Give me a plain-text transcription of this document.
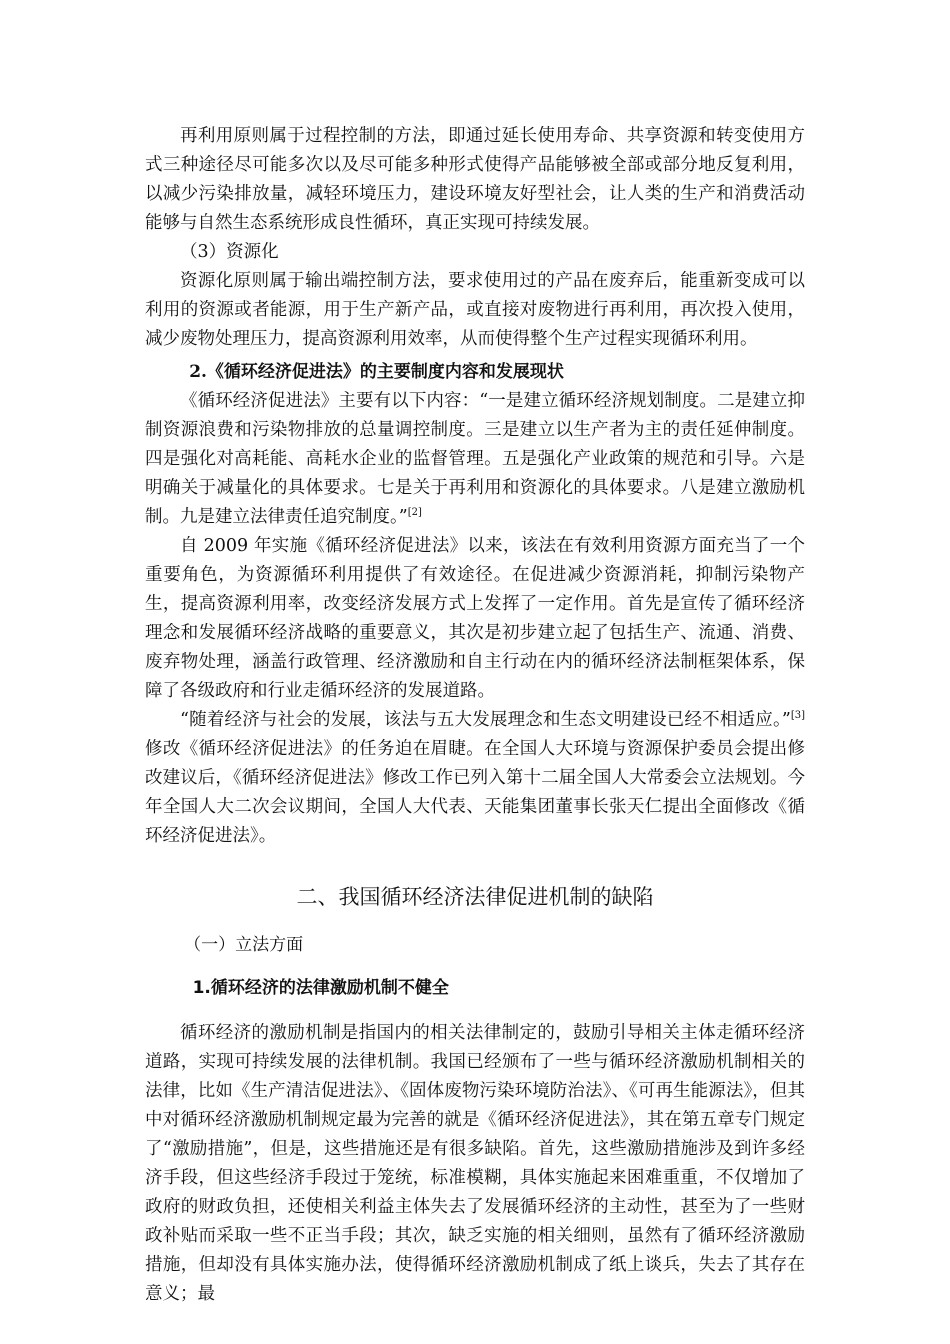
再利用原则属于过程控制的方法，即通过延长使用寿命、共享资源和转变使用方式三种途径尽可能多次以及尽可能多种形式使得产品能够被全部或部分地反复利用，以减少污染排放量，减轻环境压力，建设环境友好型社会，让人类的生产和消费活动能够与自然生态系统形成良性循环，真正实现可持续发展。

（3）资源化

资源化原则属于输出端控制方法，要求使用过的产品在废弃后，能重新变成可以利用的资源或者能源，用于生产新产品，或直接对废物进行再利用，再次投入使用，减少废物处理压力，提高资源利用效率，从而使得整个生产过程实现循环利用。

2.《循环经济促进法》的主要制度内容和发展现状

《循环经济促进法》主要有以下内容：“一是建立循环经济规划制度。二是建立抑制资源浪费和污染物排放的总量调控制度。三是建立以生产者为主的责任延伸制度。四是强化对高耗能、高耗水企业的监督管理。五是强化产业政策的规范和引导。六是明确关于减量化的具体要求。七是关于再利用和资源化的具体要求。八是建立激励机制。九是建立法律责任追究制度。”[2]

自 2009 年实施《循环经济促进法》以来，该法在有效利用资源方面充当了一个重要角色，为资源循环利用提供了有效途径。在促进减少资源消耗，抑制污染物产生，提高资源利用率，改变经济发展方式上发挥了一定作用。首先是宣传了循环经济理念和发展循环经济战略的重要意义，其次是初步建立起了包括生产、流通、消费、废弃物处理，涵盖行政管理、经济激励和自主行动在内的循环经济法制框架体系，保障了各级政府和行业走循环经济的发展道路。

“随着经济与社会的发展，该法与五大发展理念和生态文明建设已经不相适应。”[3]修改《循环经济促进法》的任务迫在眉睫。在全国人大环境与资源保护委员会提出修改建议后，《循环经济促进法》修改工作已列入第十二届全国人大常委会立法规划。今年全国人大二次会议期间，全国人大代表、天能集团董事长张天仁提出全面修改《循环经济促进法》。

二、我国循环经济法律促进机制的缺陷

（一）立法方面

1.循环经济的法律激励机制不健全

循环经济的激励机制是指国内的相关法律制定的，鼓励引导相关主体走循环经济道路，实现可持续发展的法律机制。我国已经颁布了一些与循环经济激励机制相关的法律，比如《生产清洁促进法》、《固体废物污染环境防治法》、《可再生能源法》，但其中对循环经济激励机制规定最为完善的就是《循环经济促进法》，其在第五章专门规定了“激励措施”，但是，这些措施还是有很多缺陷。首先，这些激励措施涉及到许多经济手段，但这些经济手段过于笼统，标准模糊，具体实施起来困难重重，不仅增加了政府的财政负担，还使相关利益主体失去了发展循环经济的主动性，甚至为了一些财政补贴而采取一些不正当手段；其次，缺乏实施的相关细则，虽然有了循环经济激励措施，但却没有具体实施办法，使得循环经济激励机制成了纸上谈兵，失去了其存在意义；最
